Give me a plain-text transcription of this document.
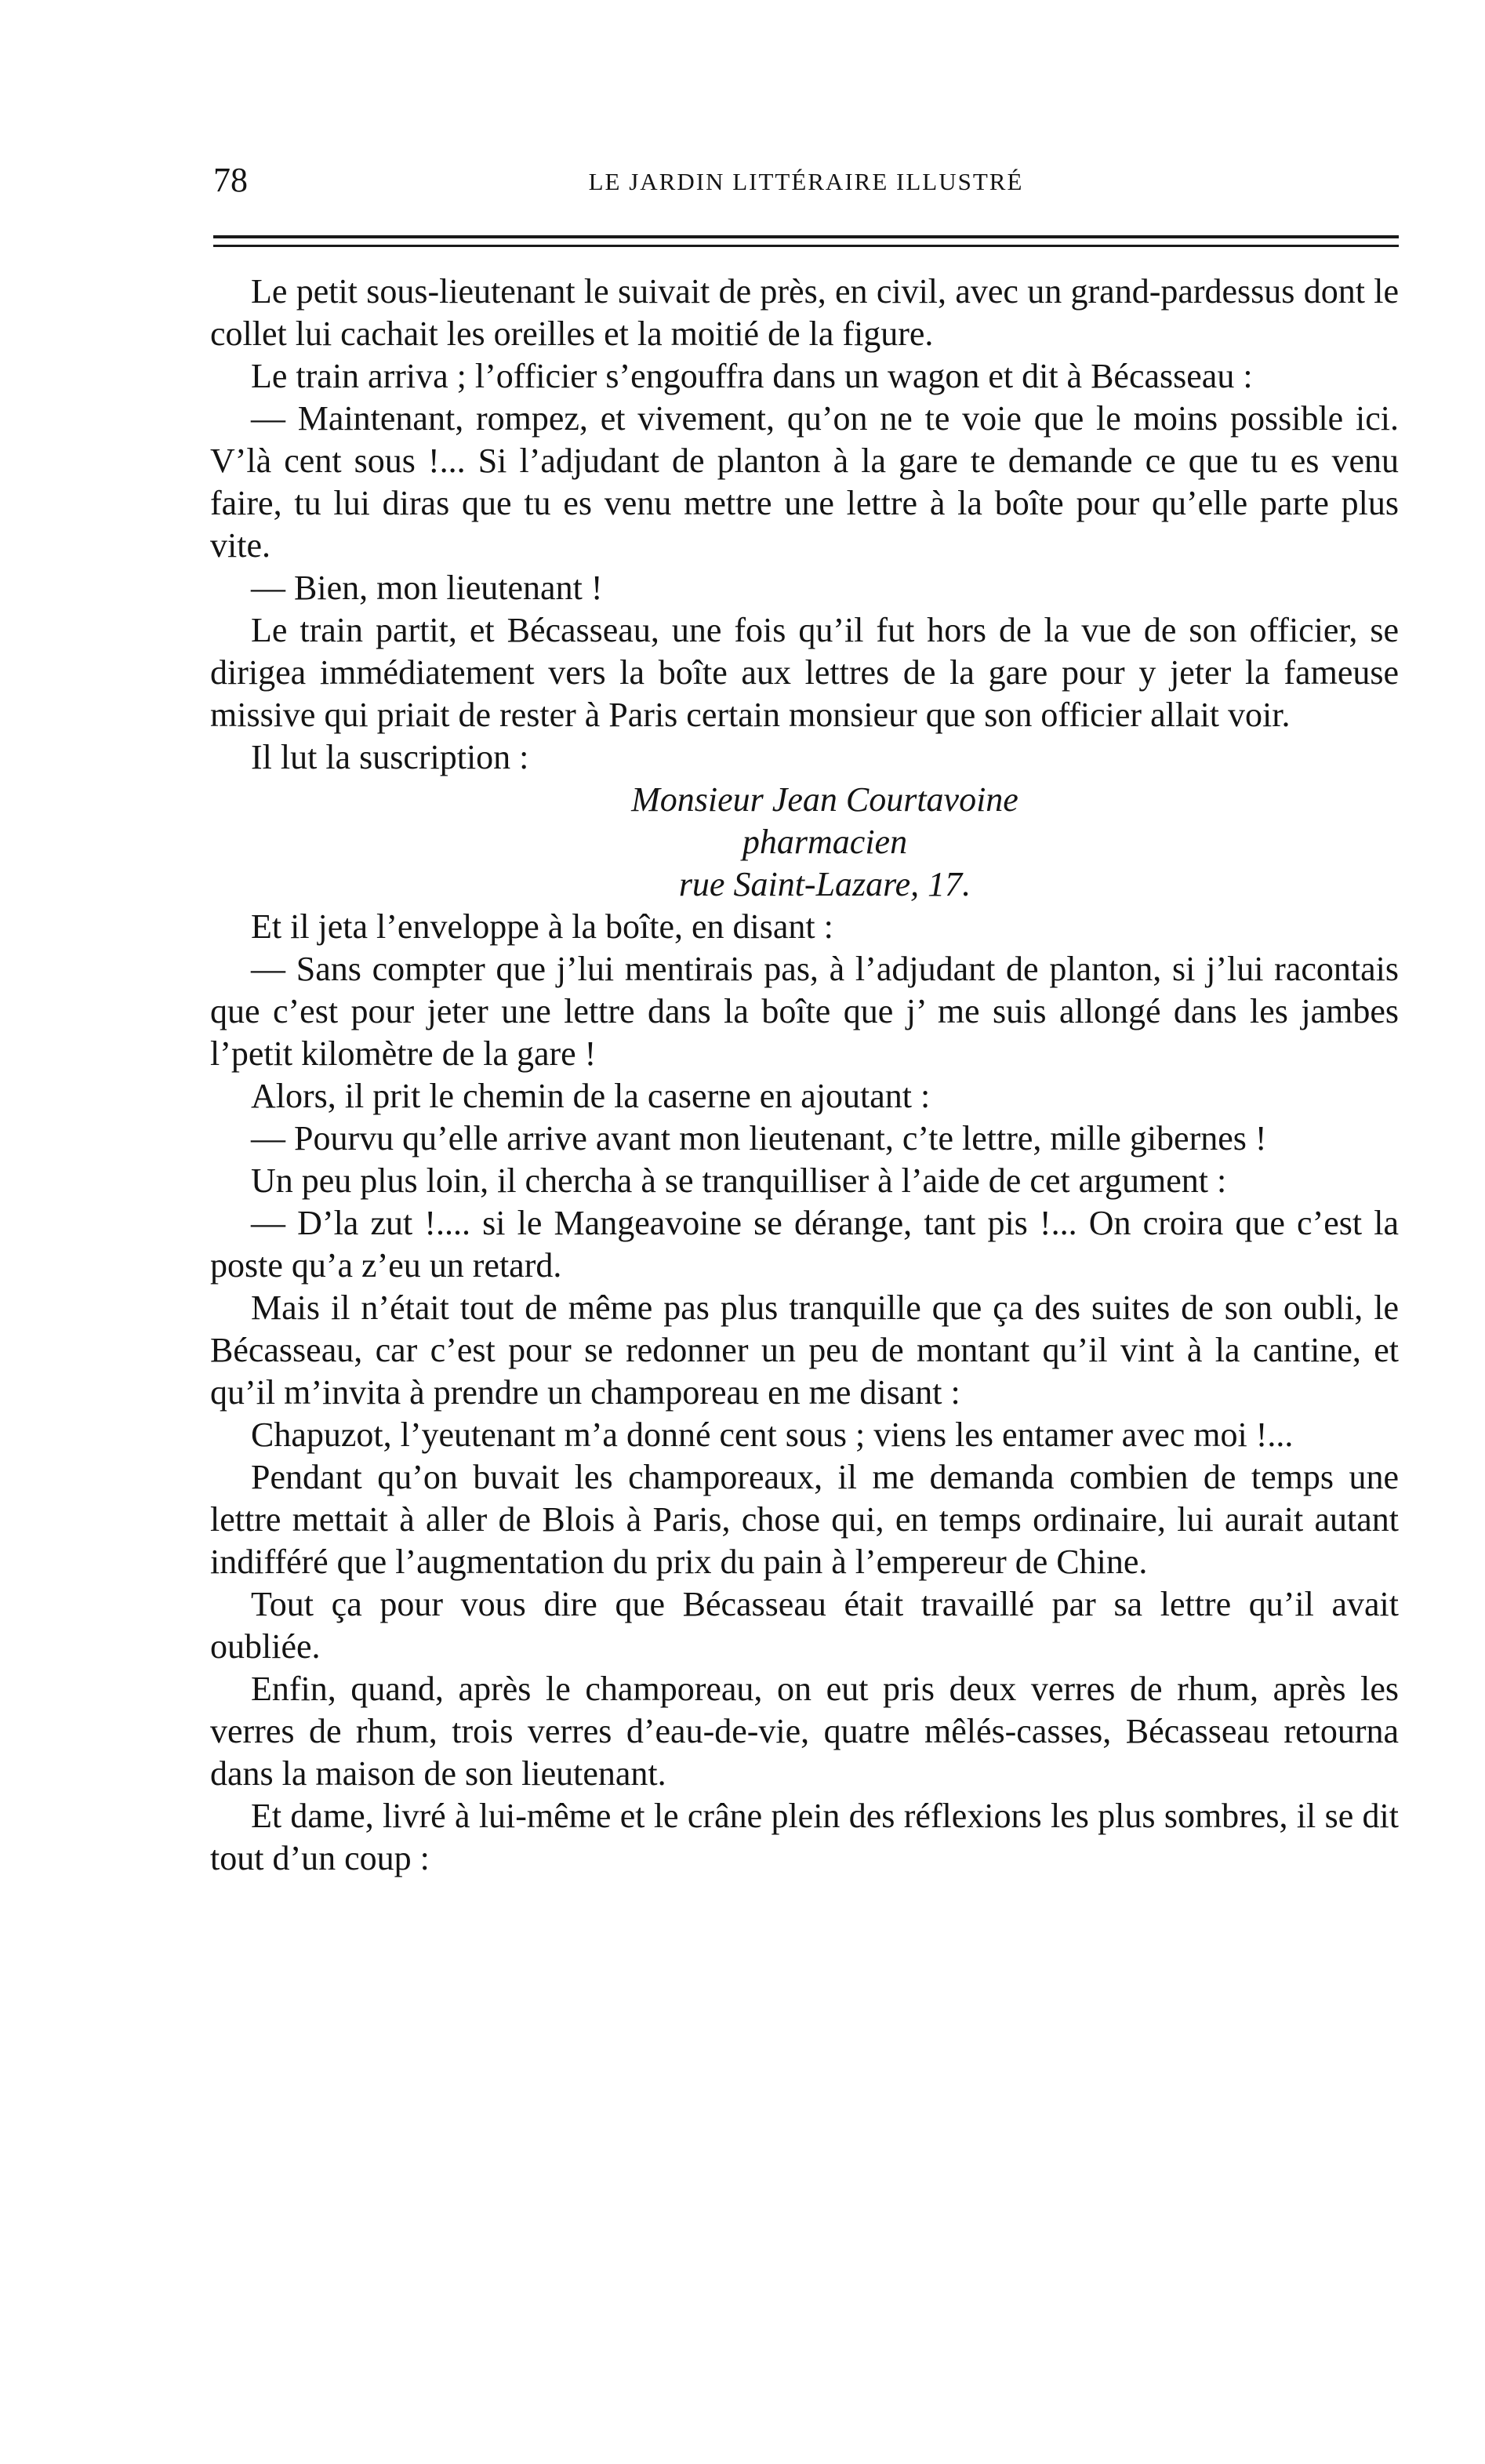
78	LE JARDIN LITTÉRAIRE ILLUSTRÉ

Le petit sous-lieutenant le suivait de près, en civil, avec un grand-pardessus dont le collet lui cachait les oreilles et la moitié de la figure.

Le train arriva ; l’officier s’engouffra dans un wagon et dit à Bécasseau :

— Maintenant, rompez, et vivement, qu’on ne te voie que le moins possible ici. V’là cent sous !... Si l’adjudant de planton à la gare te demande ce que tu es venu faire, tu lui diras que tu es venu mettre une lettre à la boîte pour qu’elle parte plus vite.

— Bien, mon lieutenant !

Le train partit, et Bécasseau, une fois qu’il fut hors de la vue de son officier, se dirigea immédiatement vers la boîte aux lettres de la gare pour y jeter la fameuse missive qui priait de rester à Paris certain monsieur que son officier allait voir.

Il lut la suscription :

Monsieur Jean Courtavoine

pharmacien

rue Saint-Lazare, 17.

Et il jeta l’enveloppe à la boîte, en disant :

— Sans compter que j’lui mentirais pas, à l’adjudant de planton, si j’lui racontais que c’est pour jeter une lettre dans la boîte que j’ me suis allongé dans les jambes l’petit kilomètre de la gare !

Alors, il prit le chemin de la caserne en ajoutant :

— Pourvu qu’elle arrive avant mon lieutenant, c’te lettre, mille gibernes !

Un peu plus loin, il chercha à se tranquilliser à l’aide de cet argument :

— D’la zut !.... si le Mangeavoine se dérange, tant pis !... On croira que c’est la poste qu’a z’eu un retard.

Mais il n’était tout de même pas plus tranquille que ça des suites de son oubli, le Bécasseau, car c’est pour se redonner un peu de montant qu’il vint à la cantine, et qu’il m’invita à prendre un champoreau en me disant :

Chapuzot, l’yeutenant m’a donné cent sous ; viens les entamer avec moi !...

Pendant qu’on buvait les champoreaux, il me demanda combien de temps une lettre mettait à aller de Blois à Paris, chose qui, en temps ordinaire, lui aurait autant indifféré que l’augmentation du prix du pain à l’empereur de Chine.

Tout ça pour vous dire que Bécasseau était travaillé par sa lettre qu’il avait oubliée.

Enfin, quand, après le champoreau, on eut pris deux verres de rhum, après les verres de rhum, trois verres d’eau-de-vie, quatre mêlés-casses, Bécasseau retourna dans la maison de son lieutenant.

Et dame, livré à lui-même et le crâne plein des réflexions les plus sombres, il se dit tout d’un coup :
